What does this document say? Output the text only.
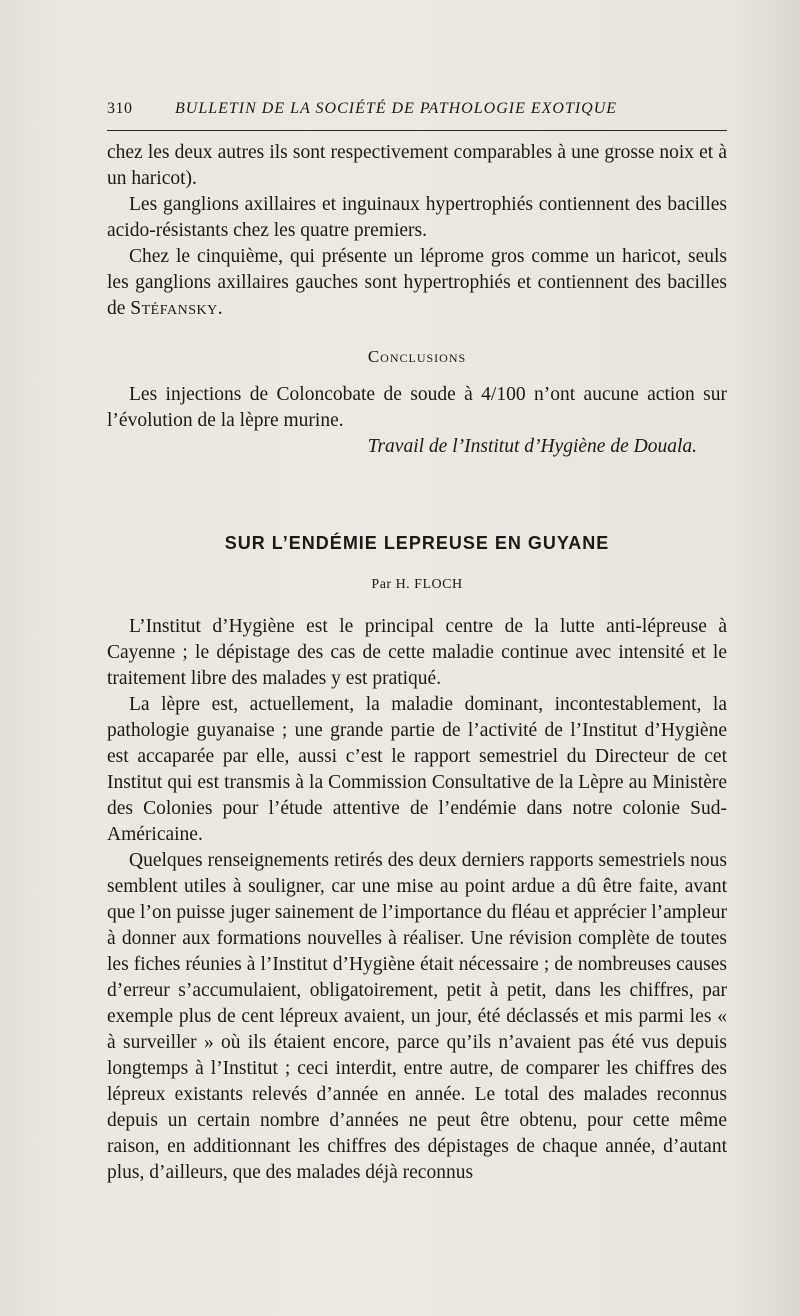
310	BULLETIN DE LA SOCIÉTÉ DE PATHOLOGIE EXOTIQUE

chez les deux autres ils sont respectivement comparables à une grosse noix et à un haricot).

Les ganglions axillaires et inguinaux hypertrophiés contiennent des bacilles acido-résistants chez les quatre premiers.

Chez le cinquième, qui présente un léprome gros comme un haricot, seuls les ganglions axillaires gauches sont hypertrophiés et contiennent des bacilles de Stéfansky.

Conclusions

Les injections de Coloncobate de soude à 4/100 n’ont aucune action sur l’évolution de la lèpre murine.

Travail de l’Institut d’Hygiène de Douala.

SUR L’ENDÉMIE LEPREUSE EN GUYANE
Par H. FLOCH

L’Institut d’Hygiène est le principal centre de la lutte anti-lépreuse à Cayenne ; le dépistage des cas de cette maladie continue avec intensité et le traitement libre des malades y est pratiqué.

La lèpre est, actuellement, la maladie dominant, incontestablement, la pathologie guyanaise ; une grande partie de l’activité de l’Institut d’Hygiène est accaparée par elle, aussi c’est le rapport semestriel du Directeur de cet Institut qui est transmis à la Commission Consultative de la Lèpre au Ministère des Colonies pour l’étude attentive de l’endémie dans notre colonie Sud-Américaine.

Quelques renseignements retirés des deux derniers rapports semestriels nous semblent utiles à souligner, car une mise au point ardue a dû être faite, avant que l’on puisse juger sainement de l’importance du fléau et apprécier l’ampleur à donner aux formations nouvelles à réaliser. Une révision complète de toutes les fiches réunies à l’Institut d’Hygiène était nécessaire ; de nombreuses causes d’erreur s’accumulaient, obligatoirement, petit à petit, dans les chiffres, par exemple plus de cent lépreux avaient, un jour, été déclassés et mis parmi les « à surveiller » où ils étaient encore, parce qu’ils n’avaient pas été vus depuis longtemps à l’Institut ; ceci interdit, entre autre, de comparer les chiffres des lépreux existants relevés d’année en année. Le total des malades reconnus depuis un certain nombre d’années ne peut être obtenu, pour cette même raison, en additionnant les chiffres des dépistages de chaque année, d’autant plus, d’ailleurs, que des malades déjà reconnus
